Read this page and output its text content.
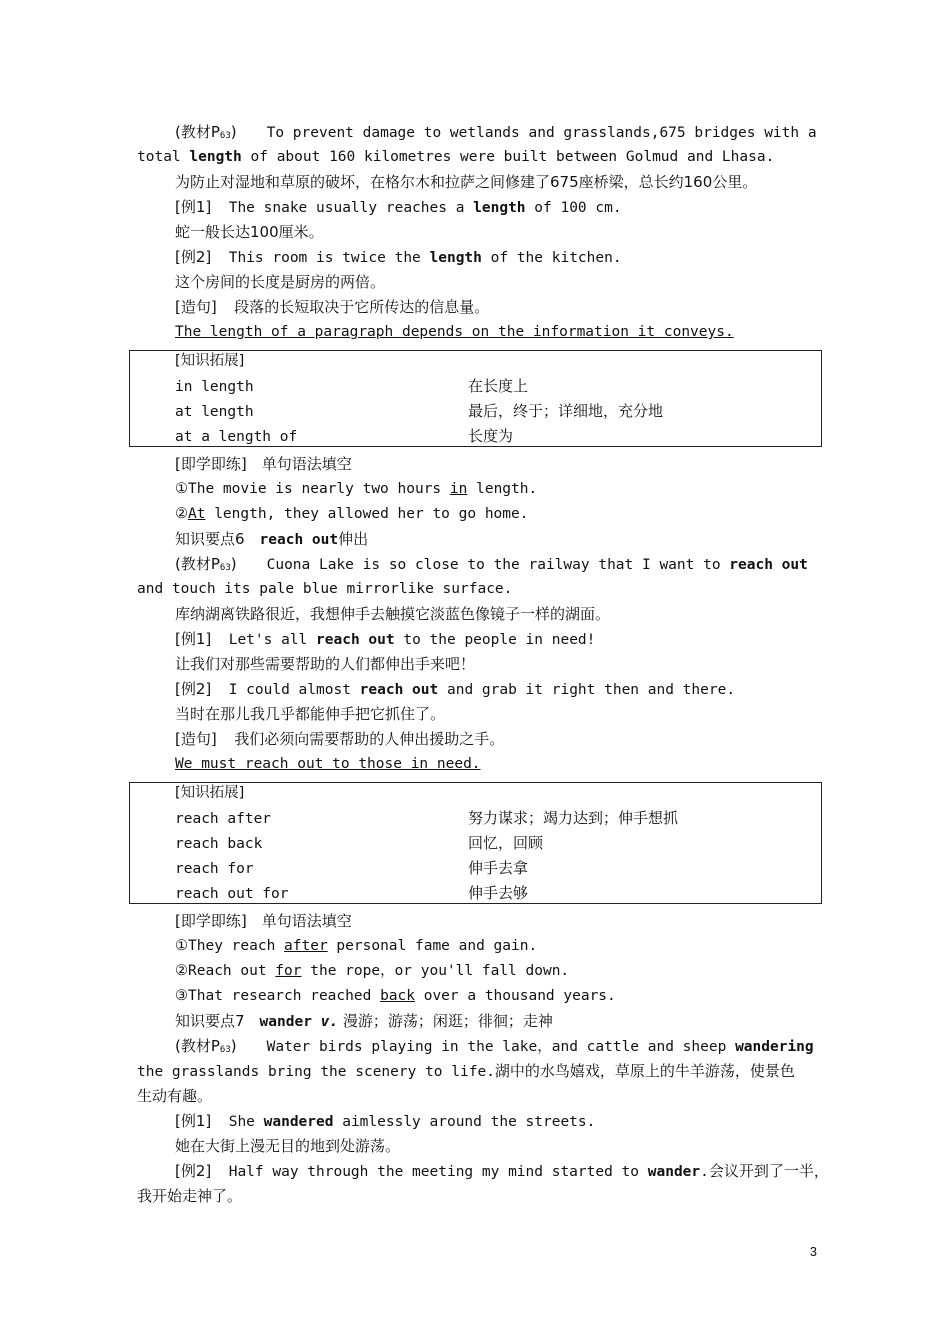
(教材P63) To prevent damage to wetlands and grasslands,675 bridges with a
total length of about 160 kilometres were built between Golmud and Lhasa.
为防止对湿地和草原的破坏，在格尔木和拉萨之间修建了675座桥梁，总长约160公里。
[例1] The snake usually reaches a length of 100 cm.
蛇一般长达100厘米。
[例2] This room is twice the length of the kitchen.
这个房间的长度是厨房的两倍。
[造句] 段落的长短取决于它所传达的信息量。
The length of a paragraph depends on the information it conveys.
[知识拓展]
in length	在长度上
at length	最后，终于；详细地，充分地
at a length of	长度为
[即学即练]　单句语法填空
①The movie is nearly two hours in length.
②At length, they allowed her to go home.
知识要点6　reach out伸出
(教材P63) Cuona Lake is so close to the railway that I want to reach out
and touch its pale blue mirrorlike surface.
库纳湖离铁路很近，我想伸手去触摸它淡蓝色像镜子一样的湖面。
[例1] Let's all reach out to the people in need!
让我们对那些需要帮助的人们都伸出手来吧！
[例2] I could almost reach out and grab it right then and there.
当时在那儿我几乎都能伸手把它抓住了。
[造句] 我们必须向需要帮助的人伸出援助之手。
We must reach out to those in need.
[知识拓展]
reach after	努力谋求；竭力达到；伸手想抓
reach back	回忆，回顾
reach for	伸手去拿
reach out for	伸手去够
[即学即练]　单句语法填空
①They reach after personal fame and gain.
②Reach out for the rope，or you'll fall down.
③That research reached back over a thousand years.
知识要点7　wander v. 漫游；游荡；闲逛；徘徊；走神
(教材P63) Water birds playing in the lake，and cattle and sheep wandering
the grasslands bring the scenery to life.湖中的水鸟嬉戏，草原上的牛羊游荡，使景色
生动有趣。
[例1] She wandered aimlessly around the streets.
她在大街上漫无目的地到处游荡。
[例2] Half way through the meeting my mind started to wander.会议开到了一半，
我开始走神了。
3
